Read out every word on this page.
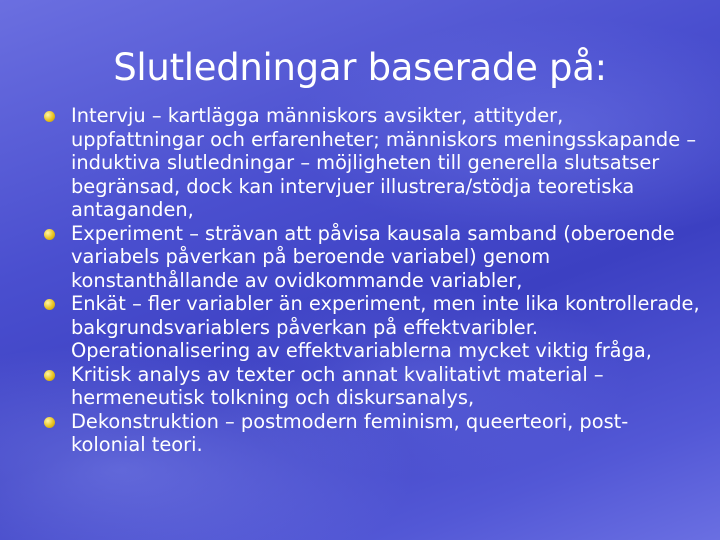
Slutledningar baserade på:
Intervju – kartlägga människors avsikter, attityder, uppfattningar och erfarenheter; människors meningsskapande – induktiva slutledningar – möjligheten till generella slutsatser begränsad, dock kan intervjuer illustrera/stödja teoretiska antaganden,
Experiment – strävan att påvisa kausala samband (oberoende variabels påverkan på beroende variabel) genom konstanthållande av ovidkommande variabler,
Enkät – fler variabler än experiment, men inte lika kontrollerade, bakgrundsvariablers påverkan på effektvaribler. Operationalisering av effektvariablerna mycket viktig fråga,
Kritisk analys av texter och annat kvalitativt material – hermeneutisk tolkning och diskursanalys,
Dekonstruktion – postmodern feminism, queerteori, post-kolonial teori.
